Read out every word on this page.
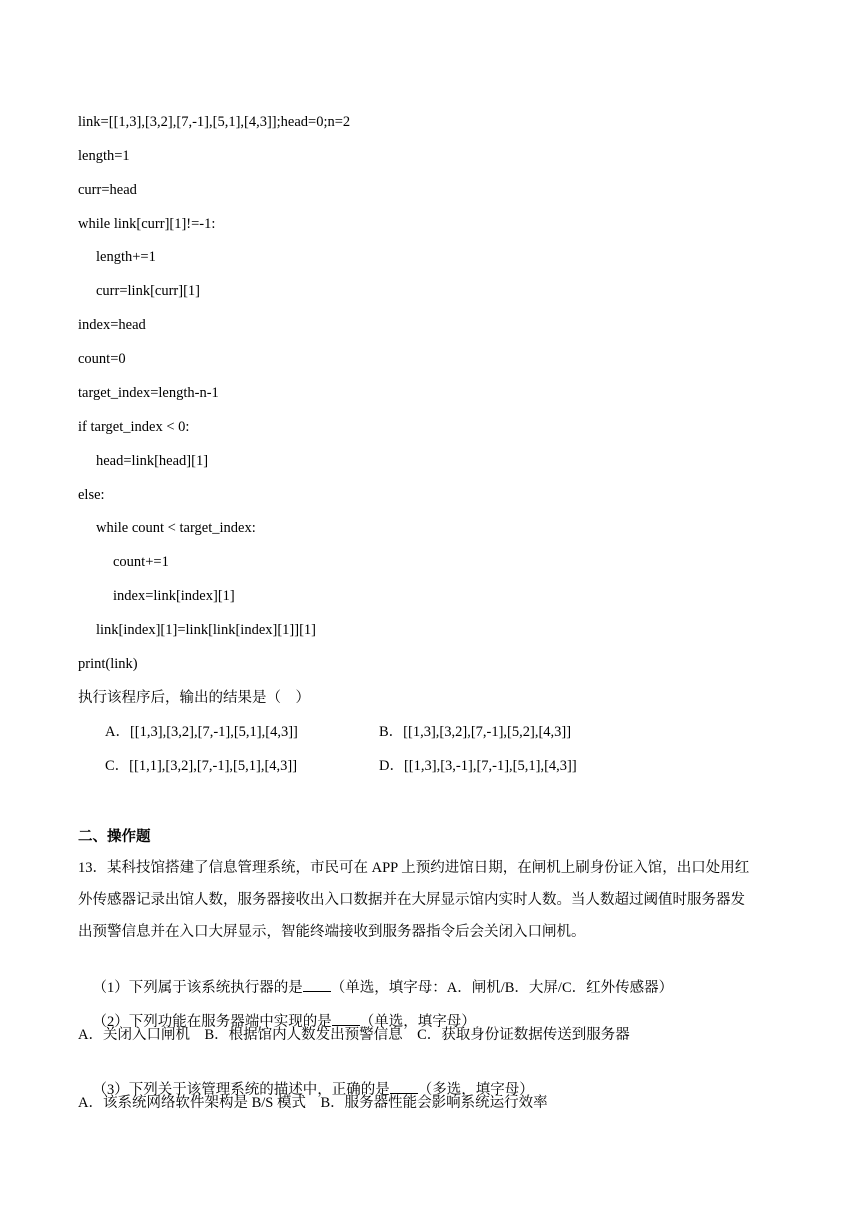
link=[[1,3],[3,2],[7,-1],[5,1],[4,3]];head=0;n=2
length=1
curr=head
while link[curr][1]!=-1:
length+=1
curr=link[curr][1]
index=head
count=0
target_index=length-n-1
if target_index < 0:
head=link[head][1]
else:
while count < target_index:
count+=1
index=link[index][1]
link[index][1]=link[link[index][1]][1]
print(link)
执行该程序后，输出的结果是（    ）
A．[[1,3],[3,2],[7,-1],[5,1],[4,3]]	B．[[1,3],[3,2],[7,-1],[5,2],[4,3]]
C．[[1,1],[3,2],[7,-1],[5,1],[4,3]]	D．[[1,3],[3,-1],[7,-1],[5,1],[4,3]]
二、操作题
13．某科技馆搭建了信息管理系统，市民可在 APP 上预约进馆日期，在闸机上刷身份证入馆，出口处用红
外传感器记录出馆人数，服务器接收出入口数据并在大屏显示馆内实时人数。当人数超过阈值时服务器发
出预警信息并在入口大屏显示，智能终端接收到服务器指令后会关闭入口闸机。

（1）下列属于该系统执行器的是 （单选，填字母：A．闸机/B．大屏/C．红外传感器）

（2）下列功能在服务器端中实现的是 （单选，填字母）

A．关闭入口闸机    B．根据馆内人数发出预警信息    C．获取身份证数据传送到服务器

（3）下列关于该管理系统的描述中，正确的是 （多选，填字母）

A．该系统网络软件架构是 B/S 模式    B．服务器性能会影响系统运行效率
